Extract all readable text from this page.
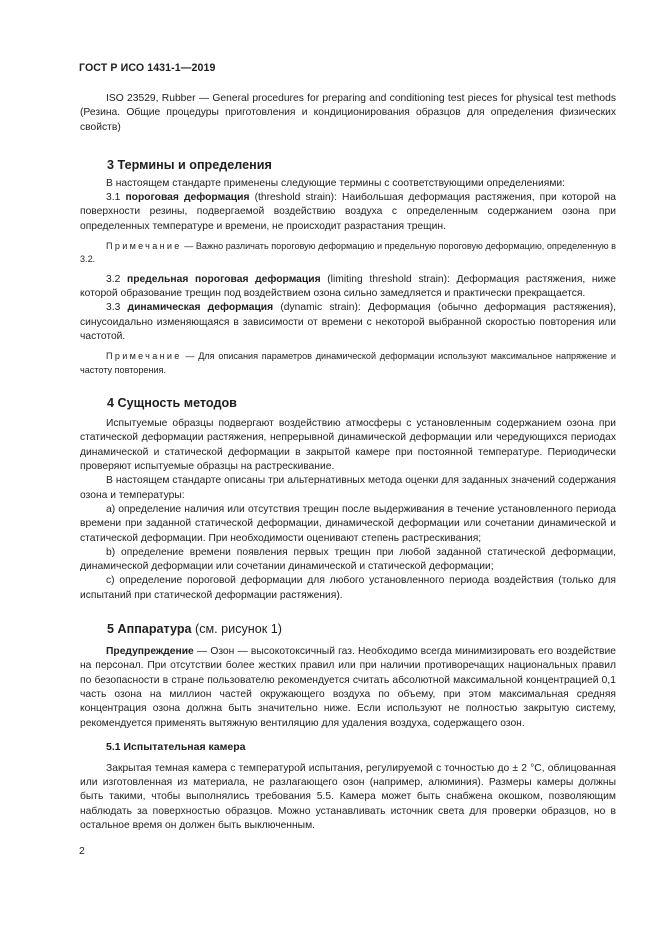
ГОСТ Р ИСО 1431-1—2019

ISO 23529, Rubber — General procedures for preparing and conditioning test pieces for physical test methods (Резина. Общие процедуры приготовления и кондиционирования образцов для определения физических свойств)

3 Термины и определения

В настоящем стандарте применены следующие термины с соответствующими определениями:

3.1 пороговая деформация (threshold strain): Наибольшая деформация растяжения, при которой на поверхности резины, подвергаемой воздействию воздуха с определенным содержанием озона при определенных температуре и времени, не происходит разрастания трещин.

Примечание — Важно различать пороговую деформацию и предельную пороговую деформацию, определенную в 3.2.

3.2 предельная пороговая деформация (limiting threshold strain): Деформация растяжения, ниже которой образование трещин под воздействием озона сильно замедляется и практически прекращается.

3.3 динамическая деформация (dynamic strain): Деформация (обычно деформация растяжения), синусоидально изменяющаяся в зависимости от времени с некоторой выбранной скоростью повторения или частотой.

Примечание — Для описания параметров динамической деформации используют максимальное напряжение и частоту повторения.

4 Сущность методов

Испытуемые образцы подвергают воздействию атмосферы с установленным содержанием озона при статической деформации растяжения, непрерывной динамической деформации или чередующихся периодах динамической и статической деформации в закрытой камере при постоянной температуре. Периодически проверяют испытуемые образцы на растрескивание.

В настоящем стандарте описаны три альтернативных метода оценки для заданных значений содержания озона и температуры:

a) определение наличия или отсутствия трещин после выдерживания в течение установленного периода времени при заданной статической деформации, динамической деформации или сочетании динамической и статической деформации. При необходимости оценивают степень растрескивания;

b) определение времени появления первых трещин при любой заданной статической деформации, динамической деформации или сочетании динамической и статической деформации;

c) определение пороговой деформации для любого установленного периода воздействия (только для испытаний при статической деформации растяжения).

5 Аппаратура (см. рисунок 1)

Предупреждение — Озон — высокотоксичный газ. Необходимо всегда минимизировать его воздействие на персонал. При отсутствии более жестких правил или при наличии противоречащих национальных правил по безопасности в стране пользователю рекомендуется считать абсолютной максимальной концентрацией 0,1 часть озона на миллион частей окружающего воздуха по объему, при этом максимальная средняя концентрация озона должна быть значительно ниже. Если используют не полностью закрытую систему, рекомендуется применять вытяжную вентиляцию для удаления воздуха, содержащего озон.

5.1 Испытательная камера

Закрытая темная камера с температурой испытания, регулируемой с точностью до ± 2 °C, облицованная или изготовленная из материала, не разлагающего озон (например, алюминия). Размеры камеры должны быть такими, чтобы выполнялись требования 5.5. Камера может быть снабжена окошком, позволяющим наблюдать за поверхностью образцов. Можно устанавливать источник света для проверки образцов, но в остальное время он должен быть выключенным.

2
